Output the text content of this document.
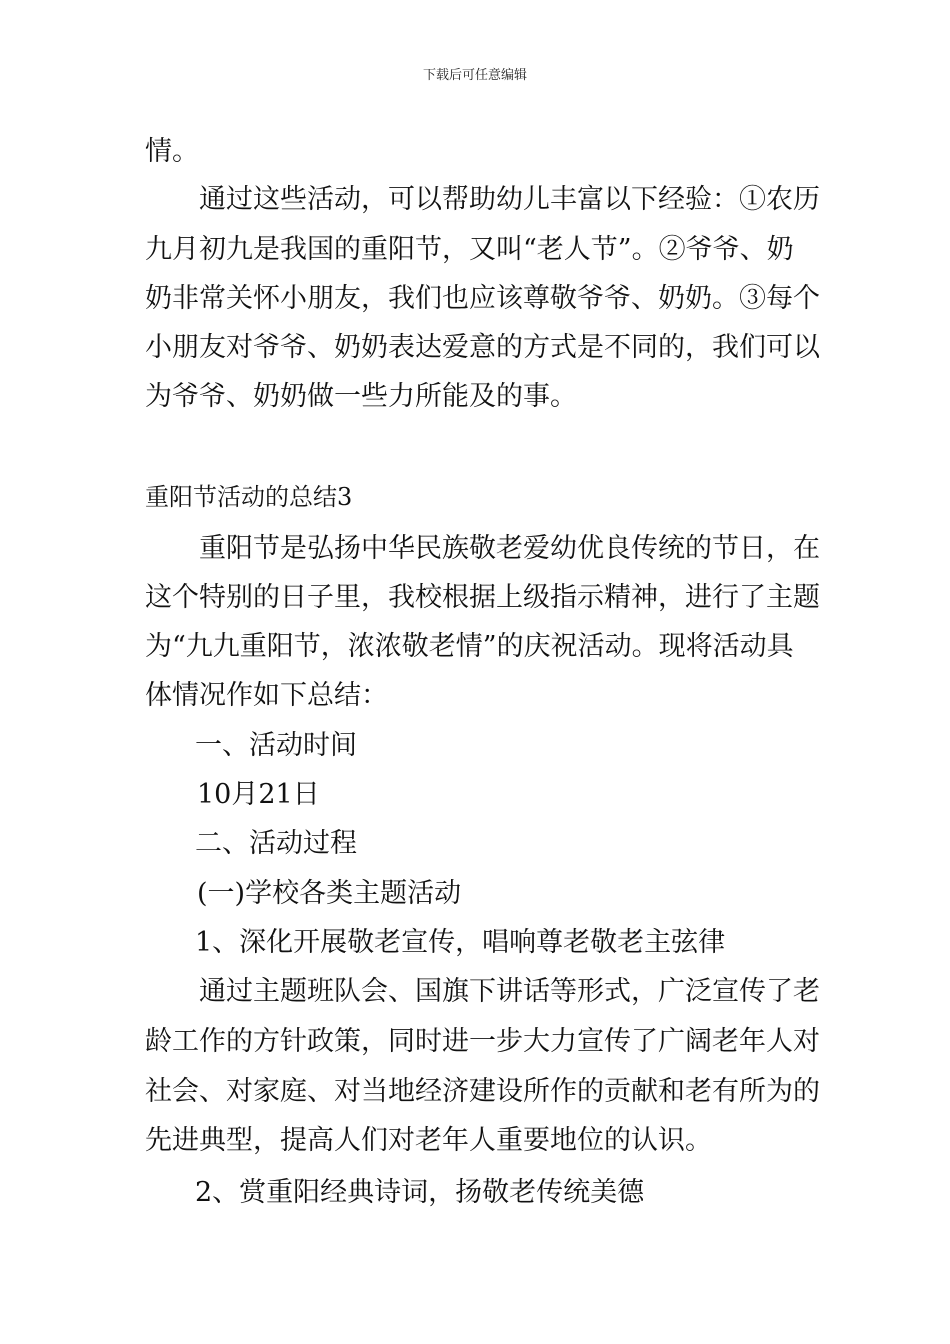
下载后可任意编辑
情。
通过这些活动，可以帮助幼儿丰富以下经验：①农历
九月初九是我国的重阳节，又叫“老人节”。②爷爷、奶
奶非常关怀小朋友，我们也应该尊敬爷爷、奶奶。③每个
小朋友对爷爷、奶奶表达爱意的方式是不同的，我们可以
为爷爷、奶奶做一些力所能及的事。
重阳节活动的总结3
重阳节是弘扬中华民族敬老爱幼优良传统的节日，在
这个特别的日子里，我校根据上级指示精神，进行了主题
为“九九重阳节，浓浓敬老情”的庆祝活动。现将活动具
体情况作如下总结：
一、活动时间
10月21日
二、活动过程
(一)学校各类主题活动
1、深化开展敬老宣传，唱响尊老敬老主弦律
通过主题班队会、国旗下讲话等形式，广泛宣传了老
龄工作的方针政策，同时进一步大力宣传了广阔老年人对
社会、对家庭、对当地经济建设所作的贡献和老有所为的
先进典型，提高人们对老年人重要地位的认识。
2、赏重阳经典诗词，扬敬老传统美德
